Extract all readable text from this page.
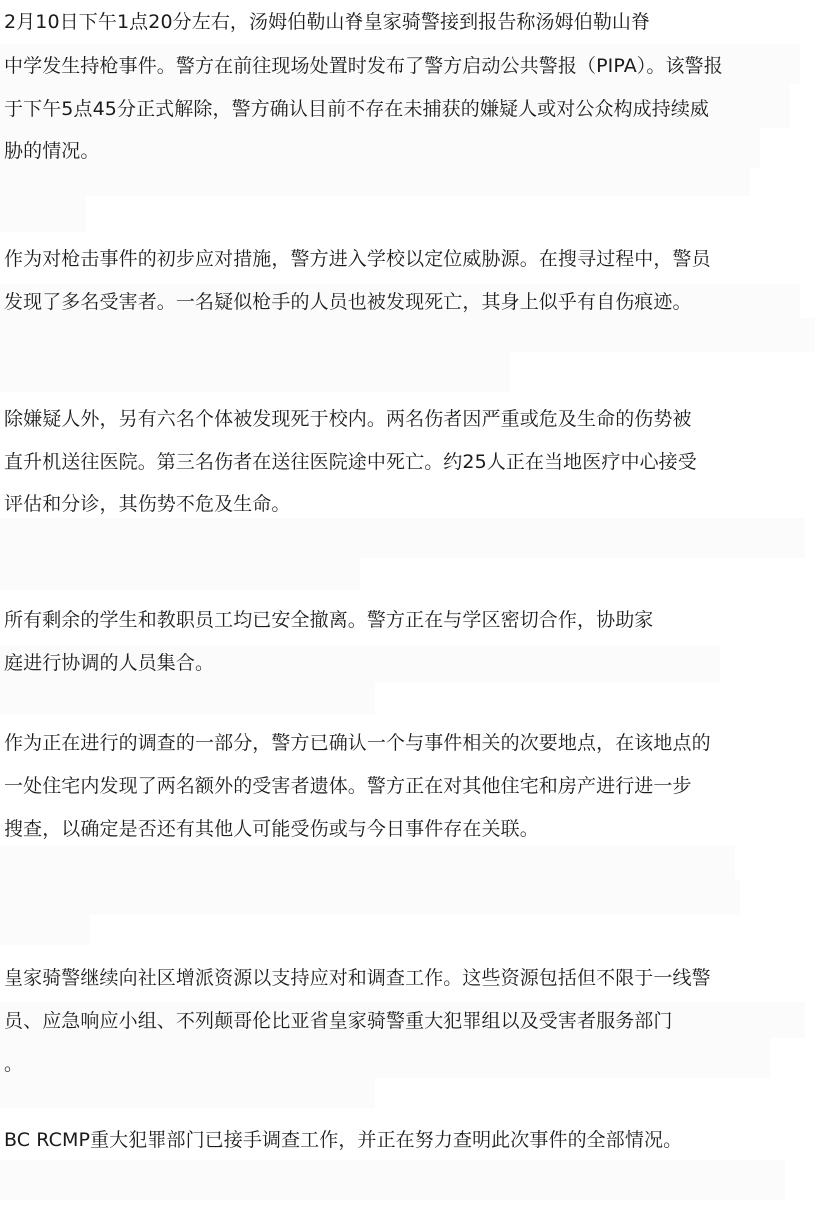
2月10日下午1点20分左右，汤姆伯勒山脊皇家骑警接到报告称汤姆伯勒山脊
中学发生持枪事件。警方在前往现场处置时发布了警方启动公共警报（PIPA）。该警报
于下午5点45分正式解除，警方确认目前不存在未捕获的嫌疑人或对公众构成持续威
胁的情况。
作为对枪击事件的初步应对措施，警方进入学校以定位威胁源。在搜寻过程中，警员
发现了多名受害者。一名疑似枪手的人员也被发现死亡，其身上似乎有自伤痕迹。
除嫌疑人外，另有六名个体被发现死于校内。两名伤者因严重或危及生命的伤势被
直升机送往医院。第三名伤者在送往医院途中死亡。约25人正在当地医疗中心接受
评估和分诊，其伤势不危及生命。
所有剩余的学生和教职员工均已安全撤离。警方正在与学区密切合作，协助家
庭进行协调的人员集合。
作为正在进行的调查的一部分，警方已确认一个与事件相关的次要地点，在该地点的
一处住宅内发现了两名额外的受害者遗体。警方正在对其他住宅和房产进行进一步
搜查，以确定是否还有其他人可能受伤或与今日事件存在关联。
皇家骑警继续向社区增派资源以支持应对和调查工作。这些资源包括但不限于一线警
员、应急响应小组、不列颠哥伦比亚省皇家骑警重大犯罪组以及受害者服务部门
。
BC RCMP重大犯罪部门已接手调查工作，并正在努力查明此次事件的全部情况。
